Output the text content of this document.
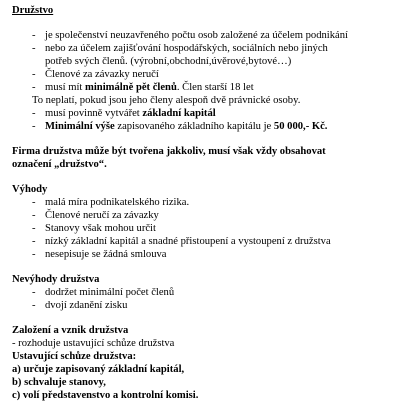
Družstvo
- je společenství neuzavřeného počtu osob založené za účelem podnikání
- nebo za účelem zajišťování hospodářských, sociálních nebo jiných
potřeb svých členů. (výrobní,obchodní,úvěrové,bytové…)
- Členové za závazky neručí
- musí mít minimálně pět členů. Člen starší 18 let
To neplatí, pokud jsou jeho členy alespoň dvě právnické osoby.
- musí povinně vytvářet základní kapitál
- Minimální výše zapisovaného základního kapitálu je 50 000,- Kč.
Firma družstva může být tvořena jakkoliv, musí však vždy obsahovat
označení „družstvo“.
Výhody
- malá míra podnikatelského rizika.
- Členové neručí za závazky
- Stanovy však mohou určit
- nízký základní kapitál a snadné přistoupení a vystoupení z družstva
- nesepisuje se žádná smlouva
Nevýhody družstva
- dodržet minimální počet členů
- dvojí zdanění zisku
Založení a vznik družstva
- rozhoduje ustavující schůze družstva
Ustavující schůze družstva:
a) určuje zapisovaný základní kapitál,
b) schvaluje stanovy,
c) volí představenstvo a kontrolní komisi.
